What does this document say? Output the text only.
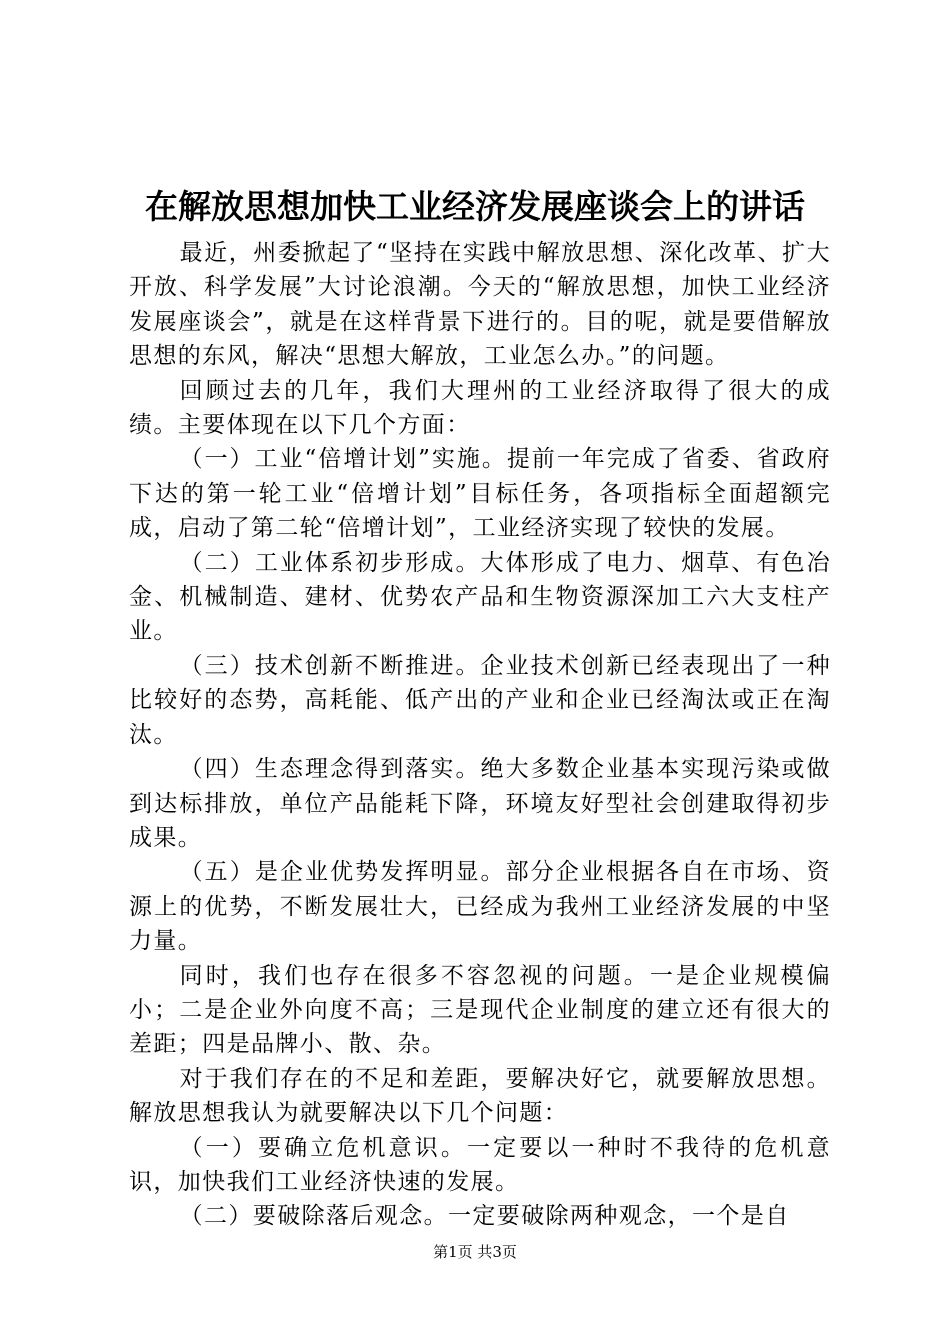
在解放思想加快工业经济发展座谈会上的讲话

最近，州委掀起了“坚持在实践中解放思想、深化改革、扩大开放、科学发展”大讨论浪潮。今天的“解放思想，加快工业经济发展座谈会”，就是在这样背景下进行的。目的呢，就是要借解放思想的东风，解决“思想大解放，工业怎么办。”的问题。

回顾过去的几年，我们大理州的工业经济取得了很大的成绩。主要体现在以下几个方面：

（一）工业“倍增计划”实施。提前一年完成了省委、省政府下达的第一轮工业“倍增计划”目标任务，各项指标全面超额完成，启动了第二轮“倍增计划”，工业经济实现了较快的发展。

（二）工业体系初步形成。大体形成了电力、烟草、有色冶金、机械制造、建材、优势农产品和生物资源深加工六大支柱产业。

（三）技术创新不断推进。企业技术创新已经表现出了一种比较好的态势，高耗能、低产出的产业和企业已经淘汰或正在淘汰。

（四）生态理念得到落实。绝大多数企业基本实现污染或做到达标排放，单位产品能耗下降，环境友好型社会创建取得初步成果。

（五）是企业优势发挥明显。部分企业根据各自在市场、资源上的优势，不断发展壮大，已经成为我州工业经济发展的中坚力量。

同时，我们也存在很多不容忽视的问题。一是企业规模偏小；二是企业外向度不高；三是现代企业制度的建立还有很大的差距；四是品牌小、散、杂。

对于我们存在的不足和差距，要解决好它，就要解放思想。解放思想我认为就要解决以下几个问题：

（一）要确立危机意识。一定要以一种时不我待的危机意识，加快我们工业经济快速的发展。

（二）要破除落后观念。一定要破除两种观念，一个是自

第1页 共3页
